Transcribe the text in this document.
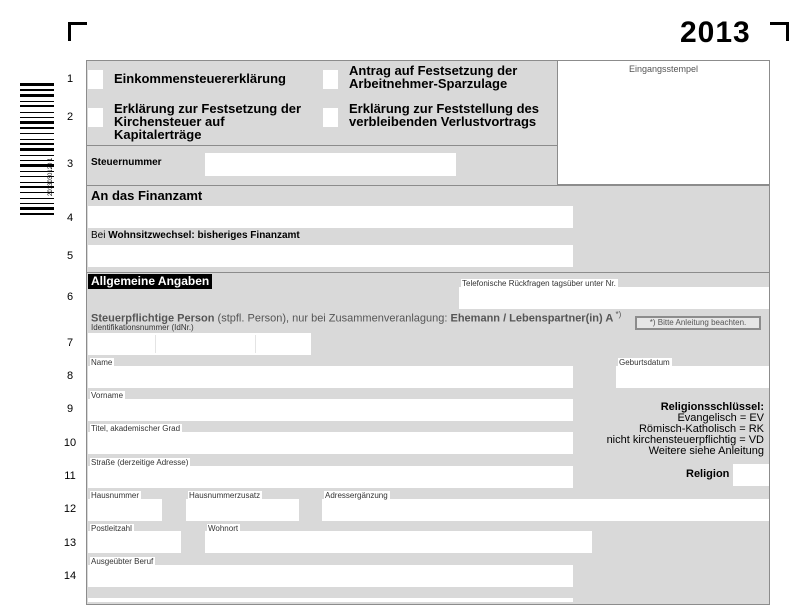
2013
2013030120 1
Eingangsstempel
1
2
3
4
5
6
7
8
9
10
11
12
13
14
Einkommensteuererklärung
Antrag auf Festsetzung der
Arbeitnehmer-Sparzulage
Erklärung zur Festsetzung der
Kirchensteuer auf
Kapitalerträge
Erklärung zur Feststellung des
verbleibenden Verlustvortrags
Steuernummer
An das Finanzamt
Bei Wohnsitzwechsel: bisheriges Finanzamt
Allgemeine Angaben	Telefonische Rückfragen tagsüber unter Nr.
Steuerpflichtige Person (stpfl. Person), nur bei Zusammenveranlagung: Ehemann / Lebenspartner(in) A *)
*) Bitte Anleitung beachten.
Identifikationsnummer (IdNr.)
Name	Geburtsdatum
Vorname
Religionsschlüssel:
Evangelisch = EV
Römisch-Katholisch = RK
nicht kirchensteuerpflichtig = VD
Weitere siehe Anleitung
Titel, akademischer Grad
Straße (derzeitige Adresse)
Religion
Hausnummer	Hausnummerzusatz	Adressergänzung
Postleitzahl	Wohnort
Ausgeübter Beruf
